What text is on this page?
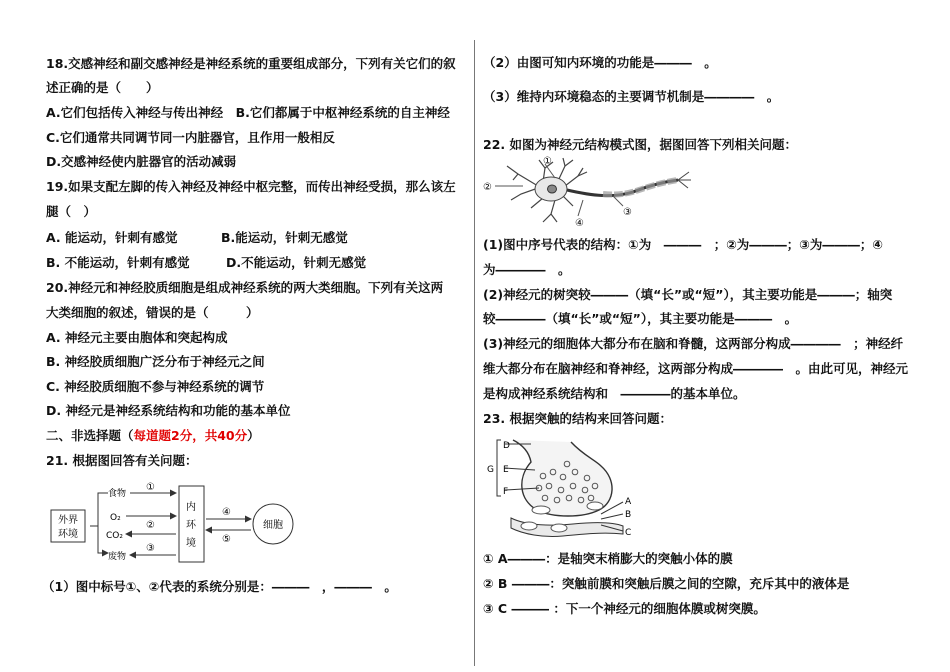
18.交感神经和副交感神经是神经系统的重要组成部分，下列有关它们的叙
述正确的是（　　）
A.它们包括传入神经与传出神经　B.它们都属于中枢神经系统的自主神经
C.它们通常共同调节同一内脏器官，且作用一般相反
D.交感神经使内脏器官的活动减弱
19.如果支配左脚的传入神经及神经中枢完整，而传出神经受损，那么该左
腿（　）
A. 能运动，针刺有感觉	B.能运动，针刺无感觉
B. 不能运动，针刺有感觉	D.不能运动，针刺无感觉
20.神经元和神经胶质细胞是组成神经系统的两大类细胞。下列有关这两
大类细胞的叙述，错误的是（　　　）
A. 神经元主要由胞体和突起构成
B. 神经胶质细胞广泛分布于神经元之间
C. 神经胶质细胞不参与神经系统的调节
D. 神经元是神经系统结构和功能的基本单位
二、非选择题（每道题2分，共40分）
21. 根据图回答有关问题：
外界
环境
食物
O₂
CO₂
废物
①
②
③
内
环
境
④
⑤
细胞
（1）图中标号①、②代表的系统分别是：―――　，―――　。
（2）由图可知内环境的功能是―――　。
（3）维持内环境稳态的主要调节机制是――――　。
22. 如图为神经元结构模式图，据图回答下列相关问题：
①
②
③
④
(1)图中序号代表的结构：①为　―――　；②为―――；③为―――；④
为――――　。
(2)神经元的树突较―――（填“长”或“短”），其主要功能是―――；轴突
较――――（填“长”或“短”），其主要功能是―――　。
(3)神经元的细胞体大都分布在脑和脊髓，这两部分构成――――　；神经纤
维大都分布在脑神经和脊神经，这两部分构成――――　。由此可见，神经元
是构成神经系统结构和　――――的基本单位。
23. 根据突触的结构来回答问题：
D
G E
F
A
B
C
① A―――：是轴突末梢膨大的突触小体的膜
② B ―――：突触前膜和突触后膜之间的空隙，充斥其中的液体是　　　
③ C ――― ：下一个神经元的细胞体膜或树突膜。
